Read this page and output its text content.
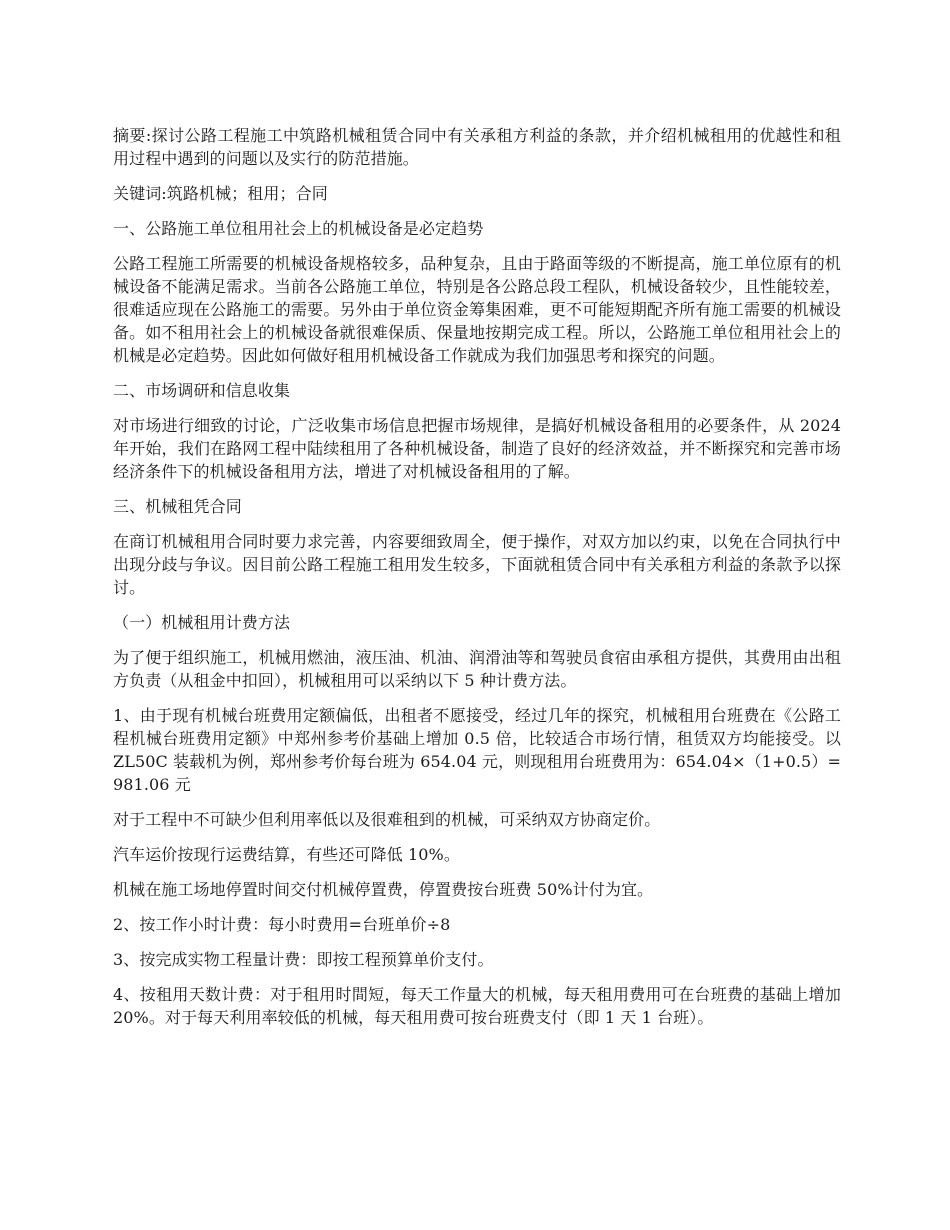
摘要:探讨公路工程施工中筑路机械租赁合同中有关承租方利益的条款，并介绍机械租用的优越性和租用过程中遇到的问题以及实行的防范措施。

关键词:筑路机械；租用；合同

一、公路施工单位租用社会上的机械设备是必定趋势

公路工程施工所需要的机械设备规格较多，品种复杂，且由于路面等级的不断提高，施工单位原有的机械设备不能满足需求。当前各公路施工单位，特别是各公路总段工程队，机械设备较少，且性能较差，很难适应现在公路施工的需要。另外由于单位资金筹集困难，更不可能短期配齐所有施工需要的机械设备。如不租用社会上的机械设备就很难保质、保量地按期完成工程。所以，公路施工单位租用社会上的机械是必定趋势。因此如何做好租用机械设备工作就成为我们加强思考和探究的问题。

二、市场调研和信息收集

对市场进行细致的讨论，广泛收集市场信息把握市场规律，是搞好机械设备租用的必要条件，从 2024 年开始，我们在路网工程中陆续租用了各种机械设备，制造了良好的经济效益，并不断探究和完善市场经济条件下的机械设备租用方法，增进了对机械设备租用的了解。

三、机械租凭合同

在商订机械租用合同时要力求完善，内容要细致周全，便于操作，对双方加以约束，以免在合同执行中出现分歧与争议。因目前公路工程施工租用发生较多，下面就租赁合同中有关承租方利益的条款予以探讨。

（一）机械租用计费方法

为了便于组织施工，机械用燃油，液压油、机油、润滑油等和驾驶员食宿由承租方提供，其费用由出租方负责（从租金中扣回），机械租用可以采纳以下 5 种计费方法。

1、由于现有机械台班费用定额偏低，出租者不愿接受，经过几年的探究，机械租用台班费在《公路工程机械台班费用定额》中郑州参考价基础上增加 0.5 倍，比较适合市场行情，租赁双方均能接受。以 ZL50C 装载机为例，郑州参考价每台班为 654.04 元，则现租用台班费用为：654.04×（1+0.5）=981.06 元

对于工程中不可缺少但利用率低以及很难租到的机械，可采纳双方协商定价。

汽车运价按现行运费结算，有些还可降低 10%。

机械在施工场地停置时间交付机械停置费，停置费按台班费 50%计付为宜。

2、按工作小时计费：每小时费用=台班单价÷8

3、按完成实物工程量计费：即按工程预算单价支付。

4、按租用天数计费：对于租用时間短，每天工作量大的机械，每天租用费用可在台班费的基础上增加 20%。对于每天利用率较低的机械，每天租用费可按台班费支付（即 1 天 1 台班）。
